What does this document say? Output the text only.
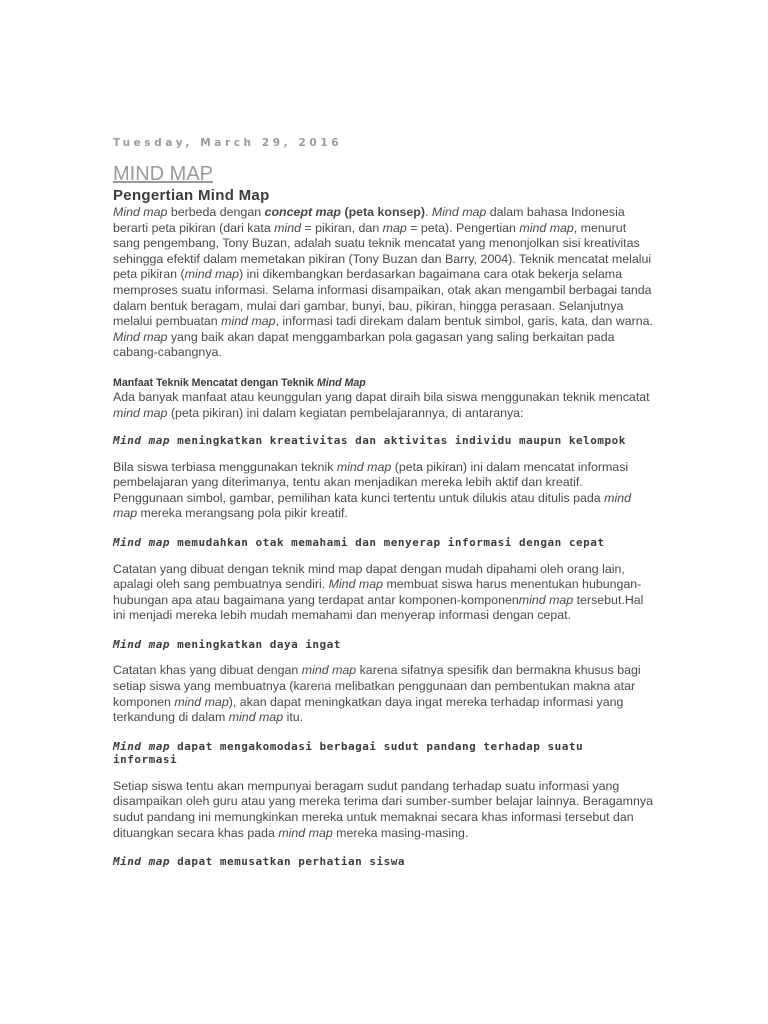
Tuesday, March 29, 2016
MIND MAP
Pengertian Mind Map

Mind map berbeda dengan concept map (peta konsep). Mind map dalam bahasa Indonesia berarti peta pikiran (dari kata mind = pikiran, dan map = peta). Pengertian mind map, menurut sang pengembang, Tony Buzan, adalah suatu teknik mencatat yang menonjolkan sisi kreativitas sehingga efektif dalam memetakan pikiran (Tony Buzan dan Barry, 2004). Teknik mencatat melalui peta pikiran (mind map) ini dikembangkan berdasarkan bagaimana cara otak bekerja selama memproses suatu informasi. Selama informasi disampaikan, otak akan mengambil berbagai tanda dalam bentuk beragam, mulai dari gambar, bunyi, bau, pikiran, hingga perasaan. Selanjutnya melalui pembuatan mind map, informasi tadi direkam dalam bentuk simbol, garis, kata, dan warna. Mind map yang baik akan dapat menggambarkan pola gagasan yang saling berkaitan pada cabang-cabangnya.

Manfaat Teknik Mencatat dengan Teknik Mind Map

Ada banyak manfaat atau keunggulan yang dapat diraih bila siswa menggunakan teknik mencatat mind map (peta pikiran) ini dalam kegiatan pembelajarannya, di antaranya:

Mind map meningkatkan kreativitas dan aktivitas individu maupun kelompok

Bila siswa terbiasa menggunakan teknik mind map (peta pikiran) ini dalam mencatat informasi pembelajaran yang diterimanya, tentu akan menjadikan mereka lebih aktif dan kreatif. Penggunaan simbol, gambar, pemilihan kata kunci tertentu untuk dilukis atau ditulis pada mind map mereka merangsang pola pikir kreatif.

Mind map memudahkan otak memahami dan menyerap informasi dengan cepat

Catatan yang dibuat dengan teknik mind map dapat dengan mudah dipahami oleh orang lain, apalagi oleh sang pembuatnya sendiri. Mind map membuat siswa harus menentukan hubungan-hubungan apa atau bagaimana yang terdapat antar komponen-komponenmind map tersebut.Hal ini menjadi mereka lebih mudah memahami dan menyerap informasi dengan cepat.

Mind map meningkatkan daya ingat

Catatan khas yang dibuat dengan mind map karena sifatnya spesifik dan bermakna khusus bagi setiap siswa yang membuatnya (karena melibatkan penggunaan dan pembentukan makna atar komponen mind map), akan dapat meningkatkan daya ingat mereka terhadap informasi yang terkandung di dalam mind map itu.

Mind map dapat mengakomodasi berbagai sudut pandang terhadap suatu informasi

Setiap siswa tentu akan mempunyai beragam sudut pandang terhadap suatu informasi yang disampaikan oleh guru atau yang mereka terima dari sumber-sumber belajar lainnya. Beragamnya sudut pandang ini memungkinkan mereka untuk memaknai secara khas informasi tersebut dan dituangkan secara khas pada mind map mereka masing-masing.

Mind map dapat memusatkan perhatian siswa
